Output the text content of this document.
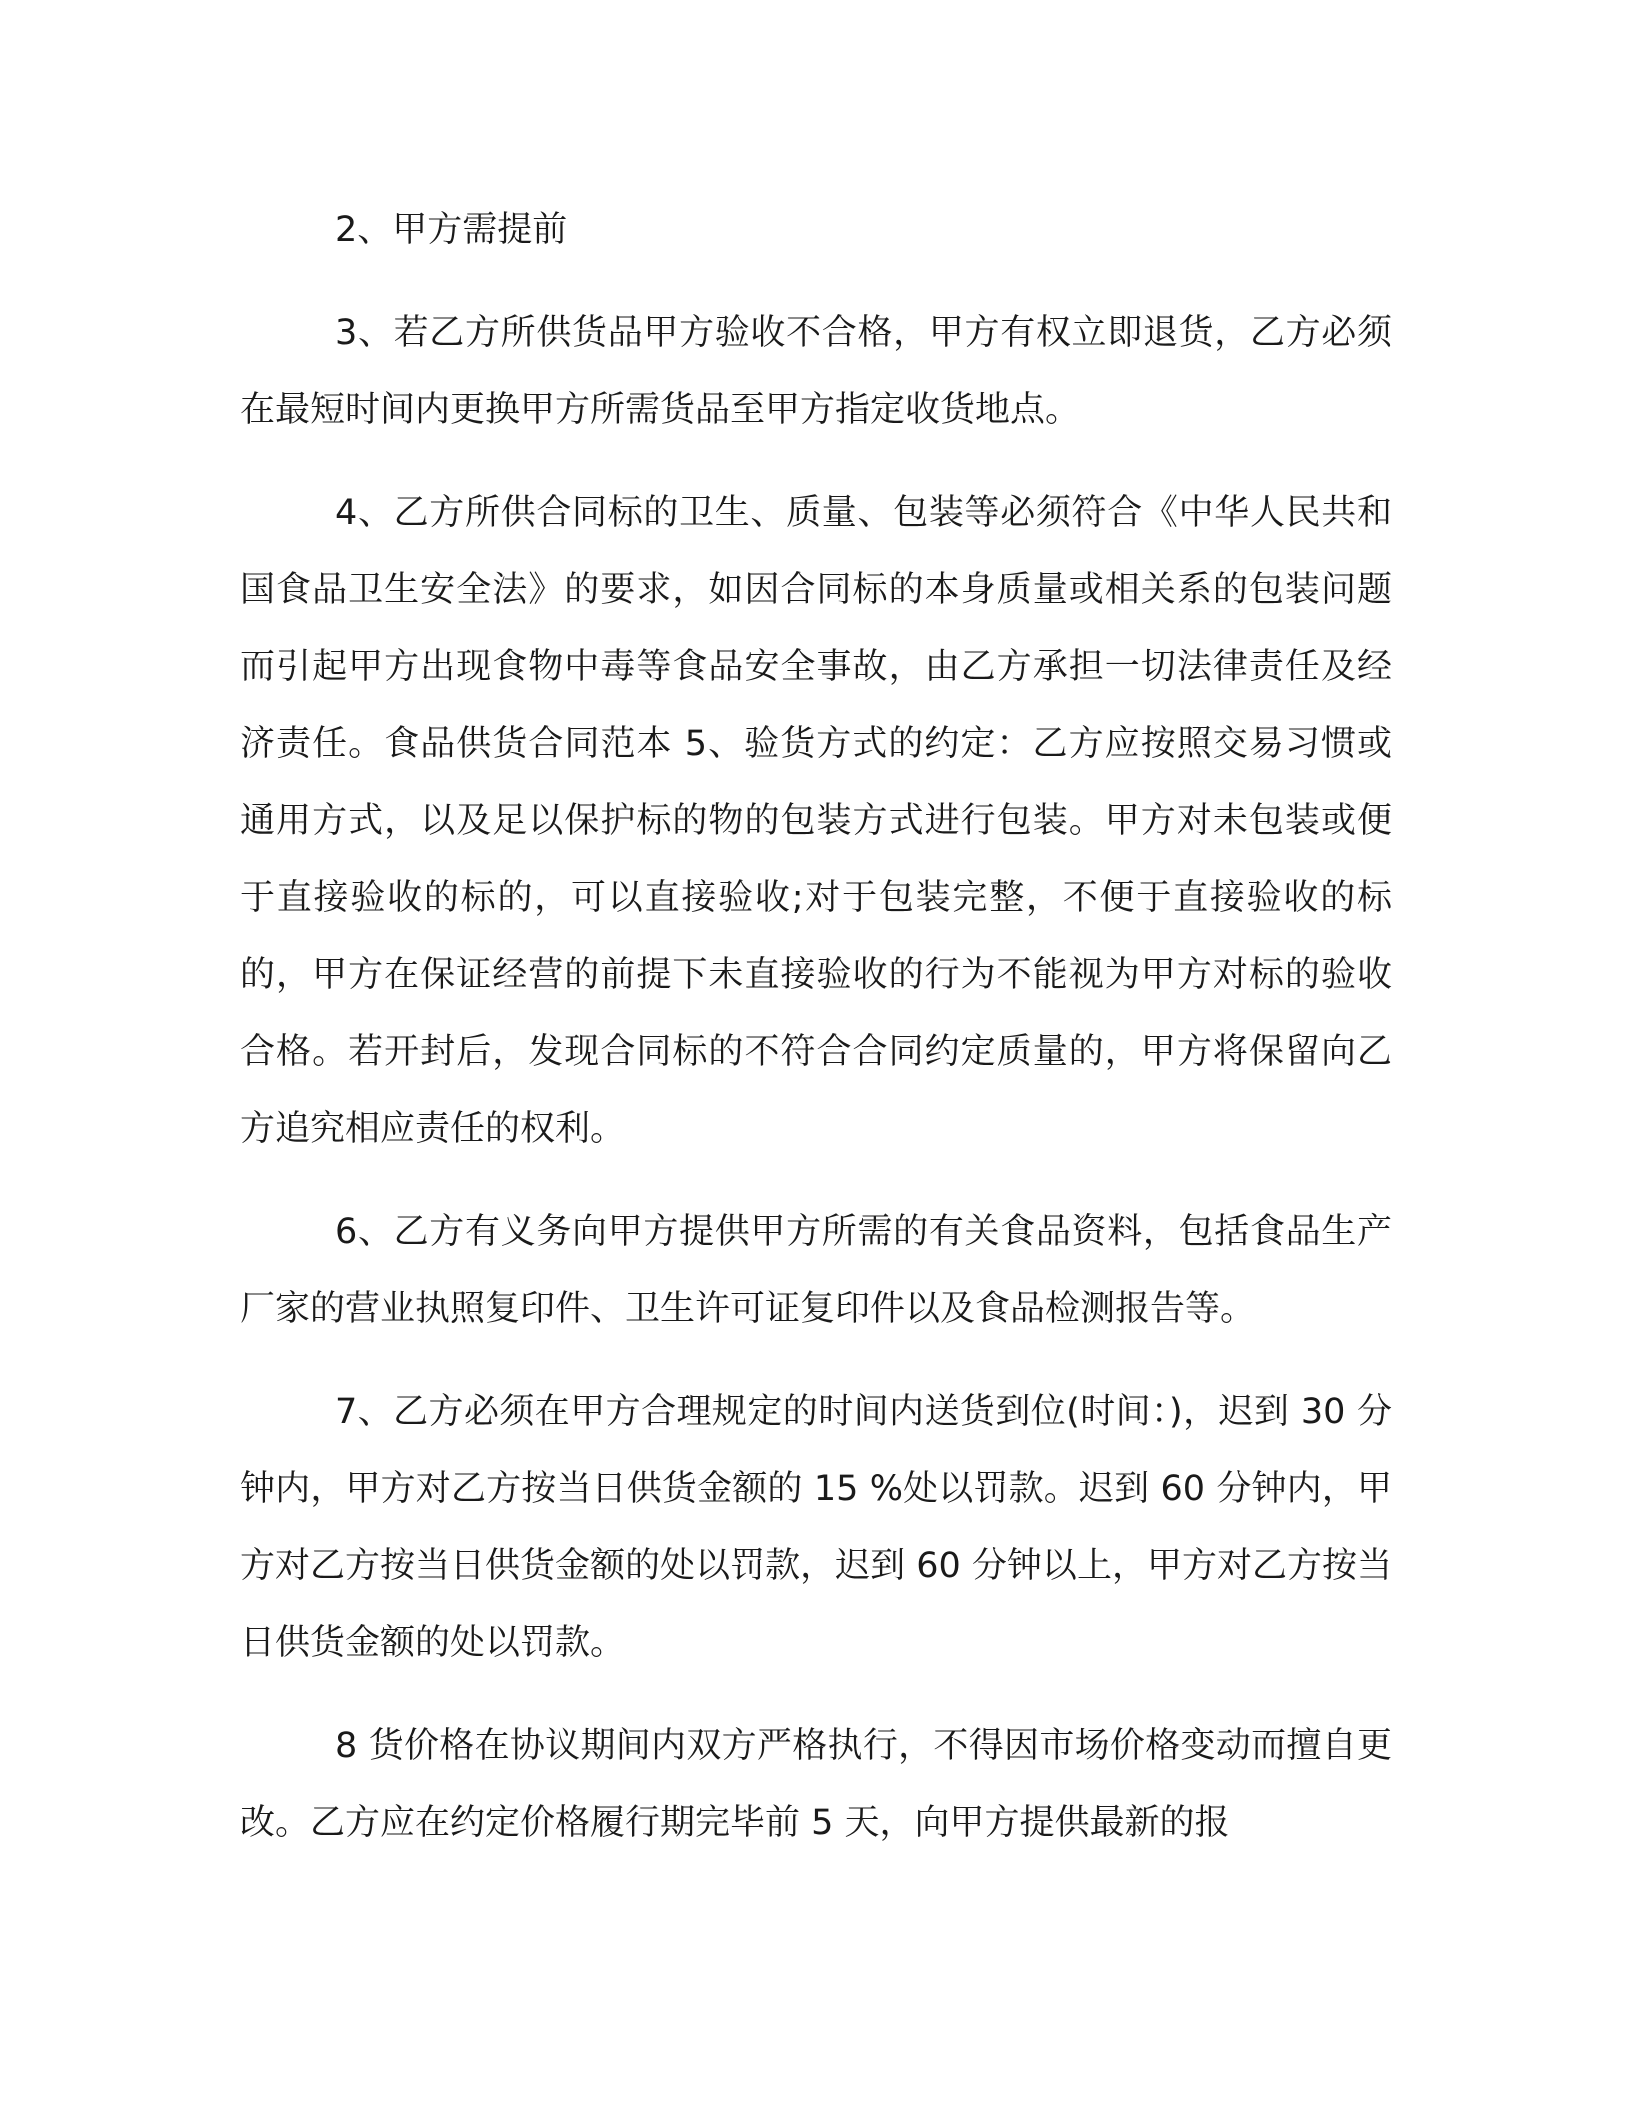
2、甲方需提前

3、若乙方所供货品甲方验收不合格，甲方有权立即退货，乙方必须在最短时间内更换甲方所需货品至甲方指定收货地点。

4、乙方所供合同标的卫生、质量、包装等必须符合《中华人民共和国食品卫生安全法》的要求，如因合同标的本身质量或相关系的包装问题而引起甲方出现食物中毒等食品安全事故，由乙方承担一切法律责任及经济责任。食品供货合同范本 5、验货方式的约定：乙方应按照交易习惯或通用方式，以及足以保护标的物的包装方式进行包装。甲方对未包装或便于直接验收的标的，可以直接验收;对于包装完整，不便于直接验收的标的，甲方在保证经营的前提下未直接验收的行为不能视为甲方对标的验收合格。若开封后，发现合同标的不符合合同约定质量的，甲方将保留向乙方追究相应责任的权利。

6、乙方有义务向甲方提供甲方所需的有关食品资料，包括食品生产厂家的营业执照复印件、卫生许可证复印件以及食品检测报告等。

7、乙方必须在甲方合理规定的时间内送货到位(时间：)，迟到 30 分钟内，甲方对乙方按当日供货金额的 15 %处以罚款。迟到 60 分钟内，甲方对乙方按当日供货金额的处以罚款，迟到 60 分钟以上，甲方对乙方按当日供货金额的处以罚款。

8 货价格在协议期间内双方严格执行，不得因市场价格变动而擅自更改。乙方应在约定价格履行期完毕前 5 天，向甲方提供最新的报
